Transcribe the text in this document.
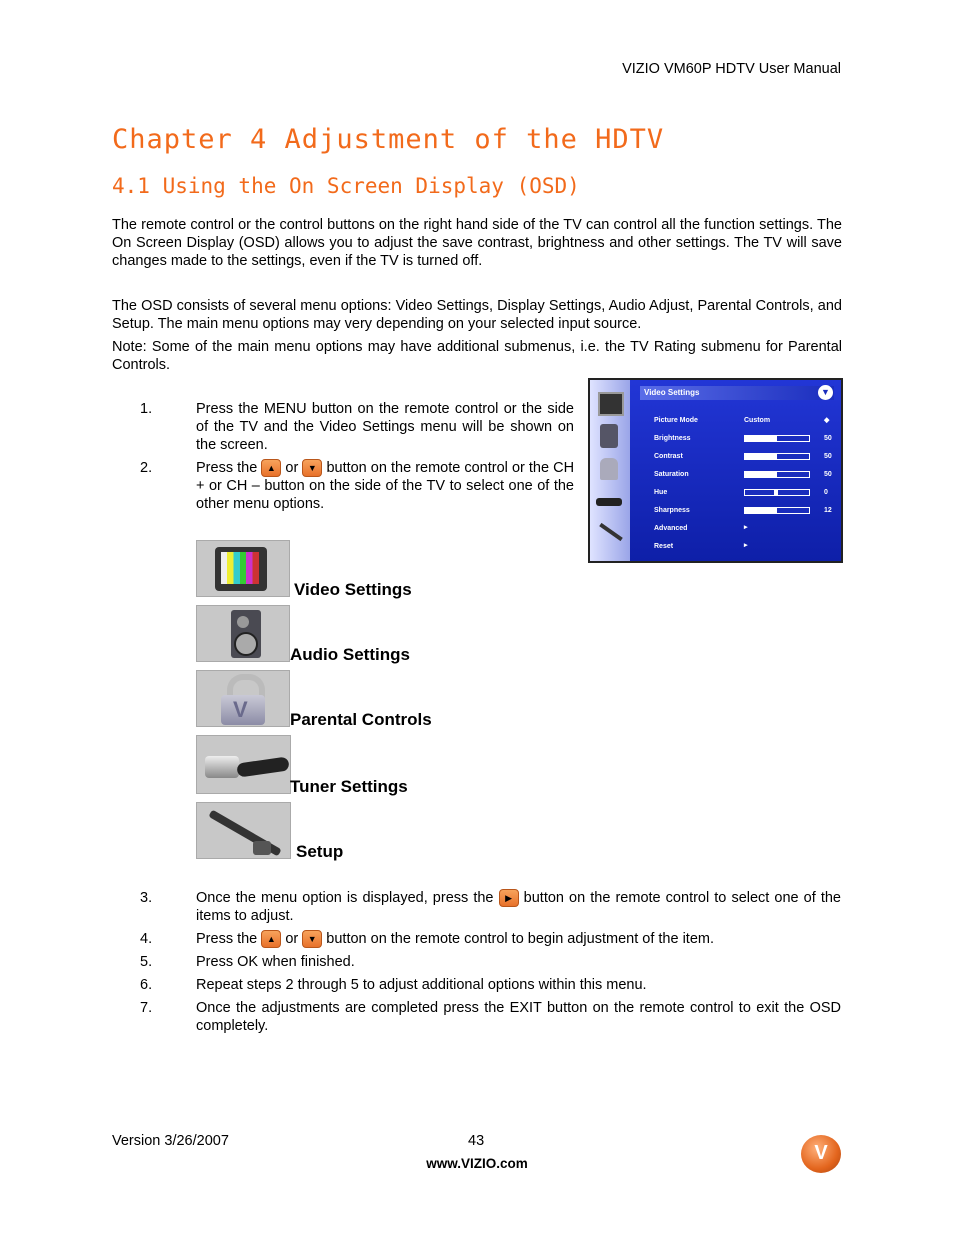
VIZIO VM60P HDTV User Manual
Chapter 4 Adjustment of the HDTV
4.1 Using the On Screen Display (OSD)
The remote control or the control buttons on the right hand side of the TV can control all the function settings. The On Screen Display (OSD) allows you to adjust the save contrast, brightness and other settings. The TV will save changes made to the settings, even if the TV is turned off.
The OSD consists of several menu options: Video Settings, Display Settings, Audio Adjust, Parental Controls, and Setup. The main menu options may very depending on your selected input source.
Note: Some of the main menu options may have additional submenus, i.e. the TV Rating submenu for Parental Controls.
Video Settings	▼
Picture Mode	Custom	◆
Brightness	50
Contrast	50
Saturation	50
Hue	0
Sharpness	12
Advanced	▸
Reset	▸
1.	Press the MENU button on the remote control or the side of the TV and the Video Settings menu will be shown on the screen.
2.	Press the	▲ or	▼ button on the remote control or the CH + or CH – button on the side of the TV to select one of the other menu options.
Video Settings
Audio Settings
V Parental Controls
Tuner Settings
Setup
3.	Once the menu option is displayed, press the	▶ button on the remote control to select one of the items to adjust.
4.	Press the	▲ or	▼ button on the remote control to begin adjustment of the item.
5.	Press OK when finished.
6.	Repeat steps 2 through 5 to adjust additional options within this menu.
7.	Once the adjustments are completed press the EXIT button on the remote control to exit the OSD completely.
Version 3/26/2007	43
www.VIZIO.com	V
